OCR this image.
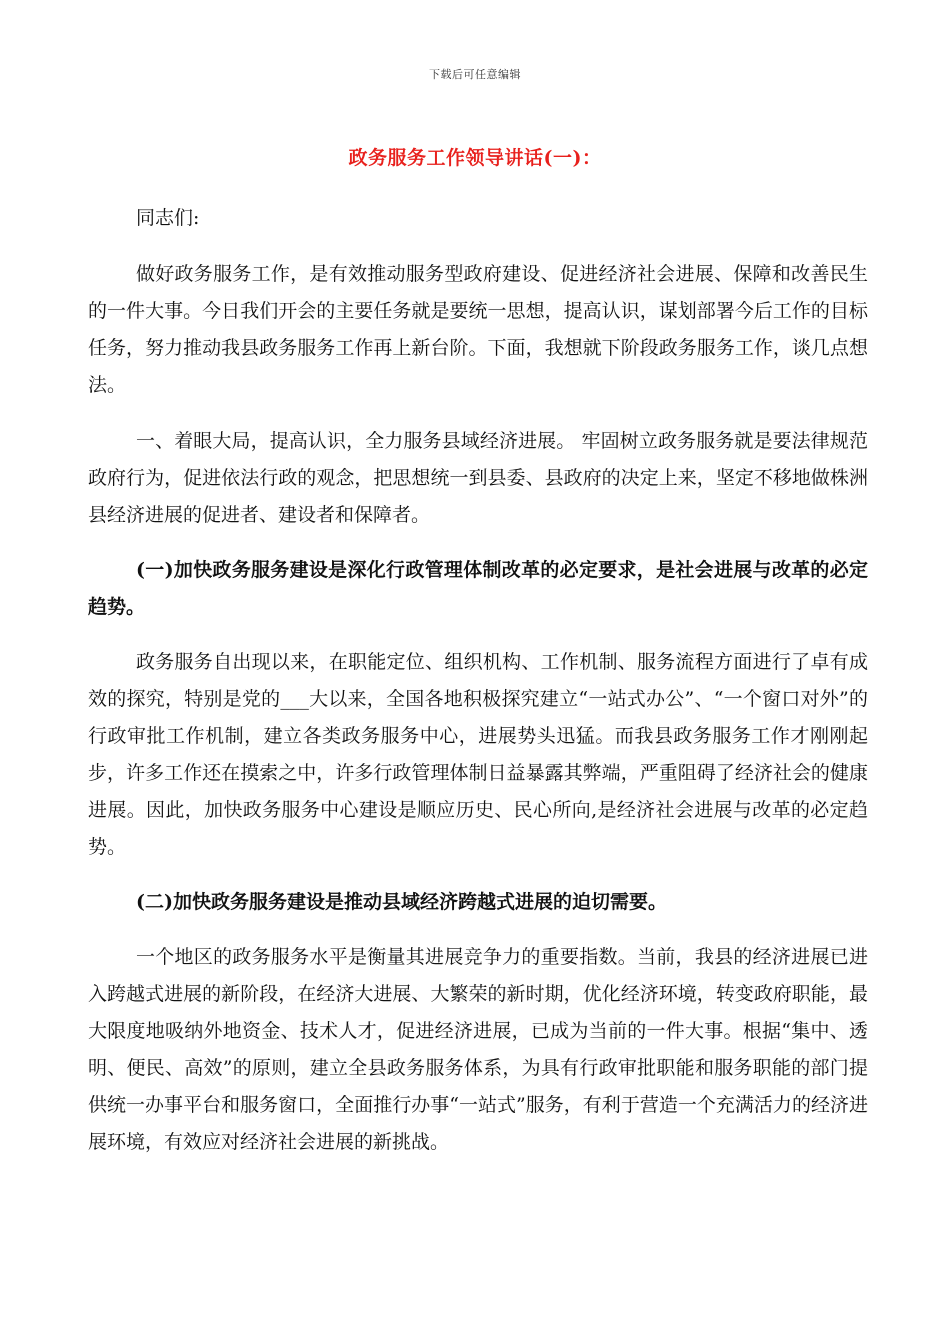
下载后可任意编辑
政务服务工作领导讲话(一)：

同志们:

做好政务服务工作，是有效推动服务型政府建设、促进经济社会进展、保障和改善民生的一件大事。今日我们开会的主要任务就是要统一思想，提高认识，谋划部署今后工作的目标任务，努力推动我县政务服务工作再上新台阶。下面，我想就下阶段政务服务工作，谈几点想法。

一、着眼大局，提高认识，全力服务县域经济进展。 牢固树立政务服务就是要法律规范政府行为，促进依法行政的观念，把思想统一到县委、县政府的决定上来，坚定不移地做株洲县经济进展的促进者、建设者和保障者。

(一)加快政务服务建设是深化行政管理体制改革的必定要求，是社会进展与改革的必定趋势。

政务服务自出现以来，在职能定位、组织机构、工作机制、服务流程方面进行了卓有成效的探究，特别是党的___大以来，全国各地积极探究建立“一站式办公”、“一个窗口对外”的行政审批工作机制，建立各类政务服务中心，进展势头迅猛。而我县政务服务工作才刚刚起步，许多工作还在摸索之中，许多行政管理体制日益暴露其弊端，严重阻碍了经济社会的健康进展。因此，加快政务服务中心建设是顺应历史、民心所向,是经济社会进展与改革的必定趋势。

(二)加快政务服务建设是推动县域经济跨越式进展的迫切需要。

一个地区的政务服务水平是衡量其进展竞争力的重要指数。当前，我县的经济进展已进入跨越式进展的新阶段，在经济大进展、大繁荣的新时期，优化经济环境，转变政府职能，最大限度地吸纳外地资金、技术人才，促进经济进展，已成为当前的一件大事。根据“集中、透明、便民、高效”的原则，建立全县政务服务体系，为具有行政审批职能和服务职能的部门提供统一办事平台和服务窗口，全面推行办事“一站式”服务，有利于营造一个充满活力的经济进展环境，有效应对经济社会进展的新挑战。
